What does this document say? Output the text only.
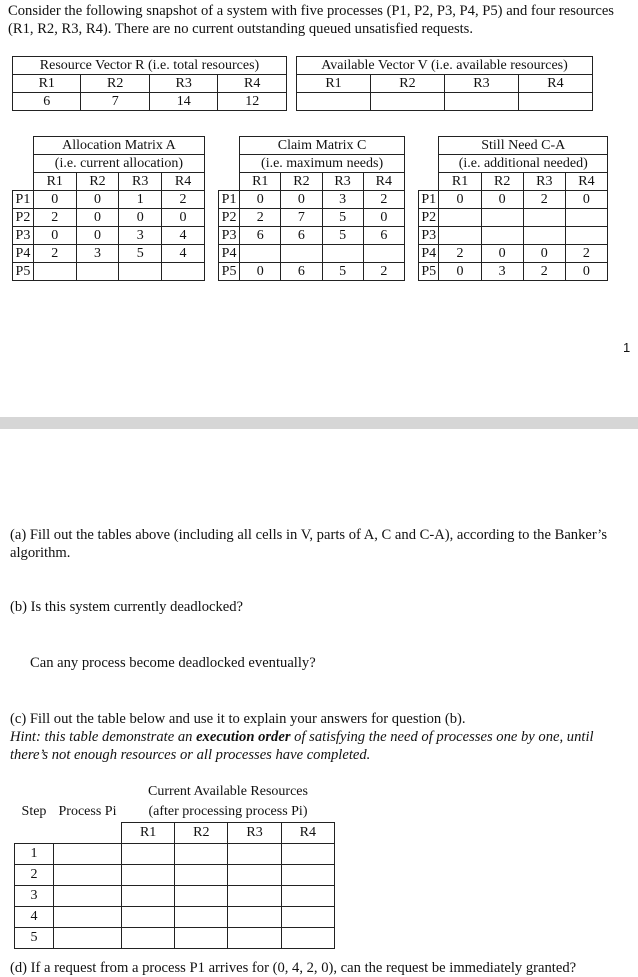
Consider the following snapshot of a system with five processes (P1, P2, P3, P4, P5) and four resources (R1, R2, R3, R4). There are no current outstanding queued unsatisfied requests.
Resource Vector R (i.e. total resources)			
R1	R2	R3	R4
6	7	14	12
Available Vector V (i.e. available resources)			
R1	R2	R3	R4

	Allocation Matrix A			
	(i.e. current allocation)			
	R1	R2	R3	R4
P1	0	0	1	2
P2	2	0	0	0
P3	0	0	3	4
P4	2	3	5	4
P5				
	Claim Matrix C			
	(i.e. maximum needs)			
	R1	R2	R3	R4
P1	0	0	3	2
P2	2	7	5	0
P3	6	6	5	6
P4				
P5	0	6	5	2
	Still Need C-A			
	(i.e. additional needed)			
	R1	R2	R3	R4
P1	0	0	2	0
P2				
P3				
P4	2	0	0	2
P5	0	3	2	0
1
(a) Fill out the tables above (including all cells in V, parts of A, C and C-A), according to the Banker’s algorithm.
(b) Is this system currently deadlocked?
Can any process become deadlocked eventually?
(c) Fill out the table below and use it to explain your answers for question (b).
Hint: this table demonstrate an execution order of satisfying the need of processes one by one, until there’s not enough resources or all processes have completed.
		Current Available Resources			
Step	Process Pi	(after processing process Pi)			
		R1	R2	R3	R4
1					
2					
3					
4					
5					
(d) If a request from a process P1 arrives for (0, 4, 2, 0), can the request be immediately granted?
